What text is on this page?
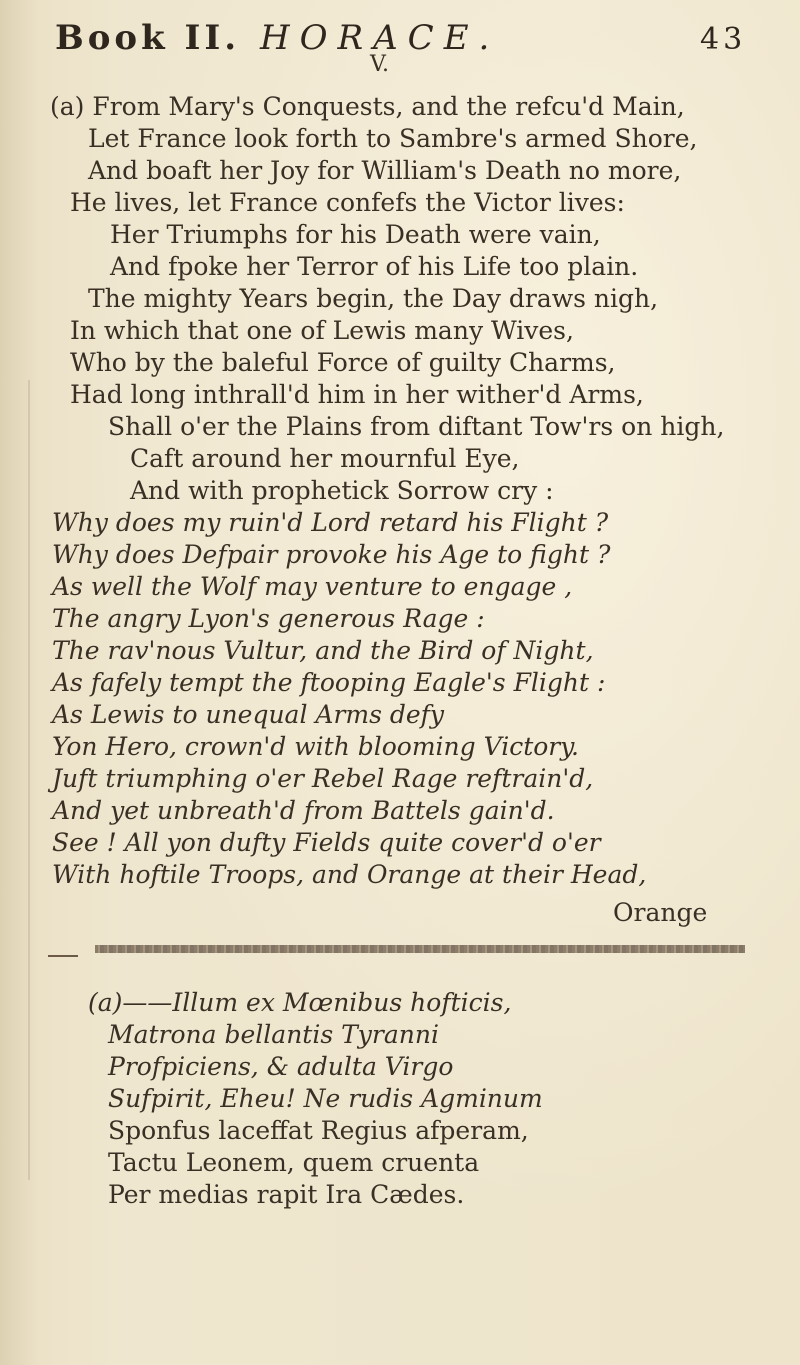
Book II. HORACE.	43
V.
(a) From Mary's Conquests, and the refcu'd Main,
Let France look forth to Sambre's armed Shore,
And boaft her Joy for William's Death no more,
He lives, let France confefs the Victor lives:
Her Triumphs for his Death were vain,
And fpoke her Terror of his Life too plain.
The mighty Years begin, the Day draws nigh,
In which that one of Lewis many Wives,
Who by the baleful Force of guilty Charms,
Had long inthrall'd him in her wither'd Arms,
Shall o'er the Plains from diftant Tow'rs on high,
Caft around her mournful Eye,
And with prophetick Sorrow cry :
Why does my ruin'd Lord retard his Flight ?
Why does Defpair provoke his Age to fight ?
As well the Wolf may venture to engage ,
The angry Lyon's generous Rage :
The rav'nous Vultur, and the Bird of Night,
As fafely tempt the ftooping Eagle's Flight :
As Lewis to unequal Arms defy
Yon Hero, crown'd with blooming Victory.
Juft triumphing o'er Rebel Rage reftrain'd,
And yet unbreath'd from Battels gain'd.
See ! All yon dufty Fields quite cover'd o'er
With hoftile Troops, and Orange at their Head,
Orange
(a)——Illum ex Mœnibus hofticis,
Matrona bellantis Tyranni
Profpiciens, & adulta Virgo
Sufpirit, Eheu! Ne rudis Agminum
Sponfus laceffat Regius afperam,
Tactu Leonem, quem cruenta
Per medias rapit Ira Cædes.
